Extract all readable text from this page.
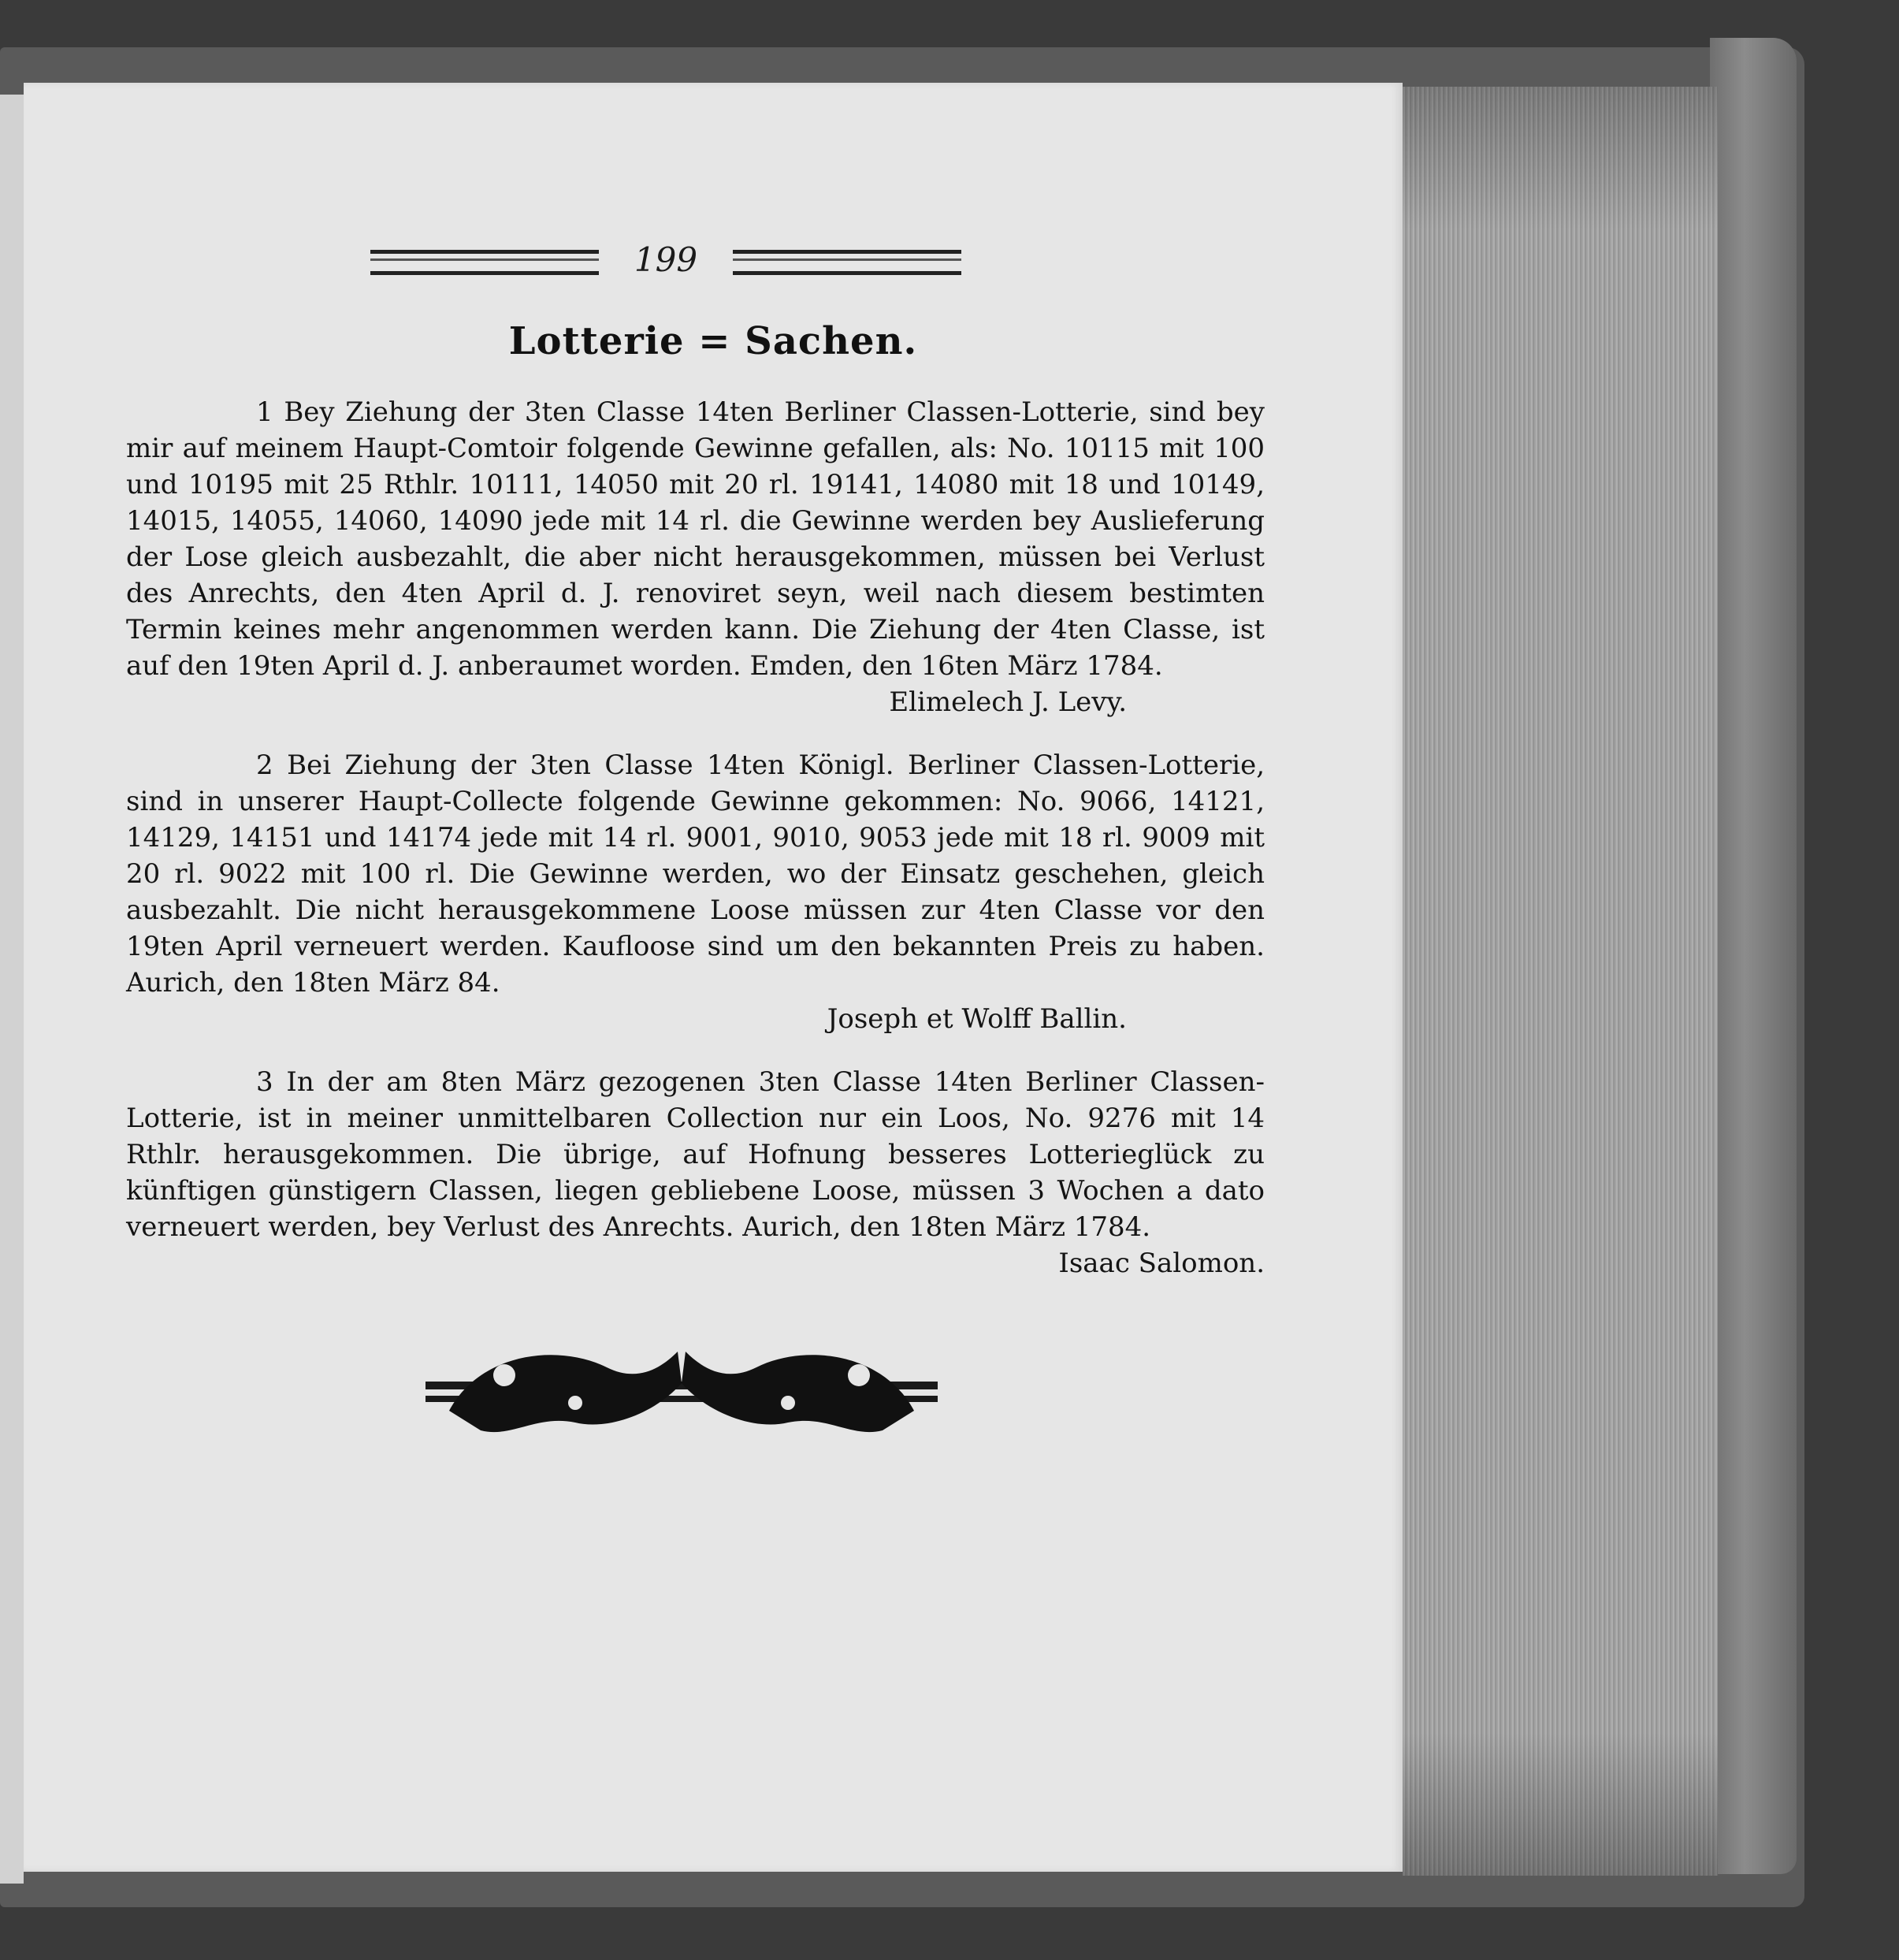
199
Lotterie = Sachen.

1 Bey Ziehung der 3ten Classe 14ten Berliner Classen-Lotterie, sind bey mir auf meinem Haupt-Comtoir folgende Gewinne gefallen, als: No. 10115 mit 100 und 10195 mit 25 Rthlr. 10111, 14050 mit 20 rl. 19141, 14080 mit 18 und 10149, 14015, 14055, 14060, 14090 jede mit 14 rl. die Gewinne werden bey Auslieferung der Lose gleich ausbezahlt, die aber nicht herausgekommen, müssen bei Verlust des Anrechts, den 4ten April d. J. renoviret seyn, weil nach diesem bestimten Termin keines mehr angenommen werden kann. Die Ziehung der 4ten Classe, ist auf den 19ten April d. J. anberaumet worden. Emden, den 16ten März 1784.

Elimelech J. Levy.

2 Bei Ziehung der 3ten Classe 14ten Königl. Berliner Classen-Lotterie, sind in unserer Haupt-Collecte folgende Gewinne gekommen: No. 9066, 14121, 14129, 14151 und 14174 jede mit 14 rl. 9001, 9010, 9053 jede mit 18 rl. 9009 mit 20 rl. 9022 mit 100 rl. Die Gewinne werden, wo der Einsatz geschehen, gleich ausbezahlt. Die nicht herausgekommene Loose müssen zur 4ten Classe vor den 19ten April verneuert werden. Kaufloose sind um den bekannten Preis zu haben. Aurich, den 18ten März 84.

Joseph et Wolff Ballin.

3 In der am 8ten März gezogenen 3ten Classe 14ten Berliner Classen-Lotterie, ist in meiner unmittelbaren Collection nur ein Loos, No. 9276 mit 14 Rthlr. herausgekommen. Die übrige, auf Hofnung besseres Lotterieglück zu künftigen günstigern Classen, liegen gebliebene Loose, müssen 3 Wochen a dato verneuert werden, bey Verlust des Anrechts. Aurich, den 18ten März 1784.
Isaac Salomon.
